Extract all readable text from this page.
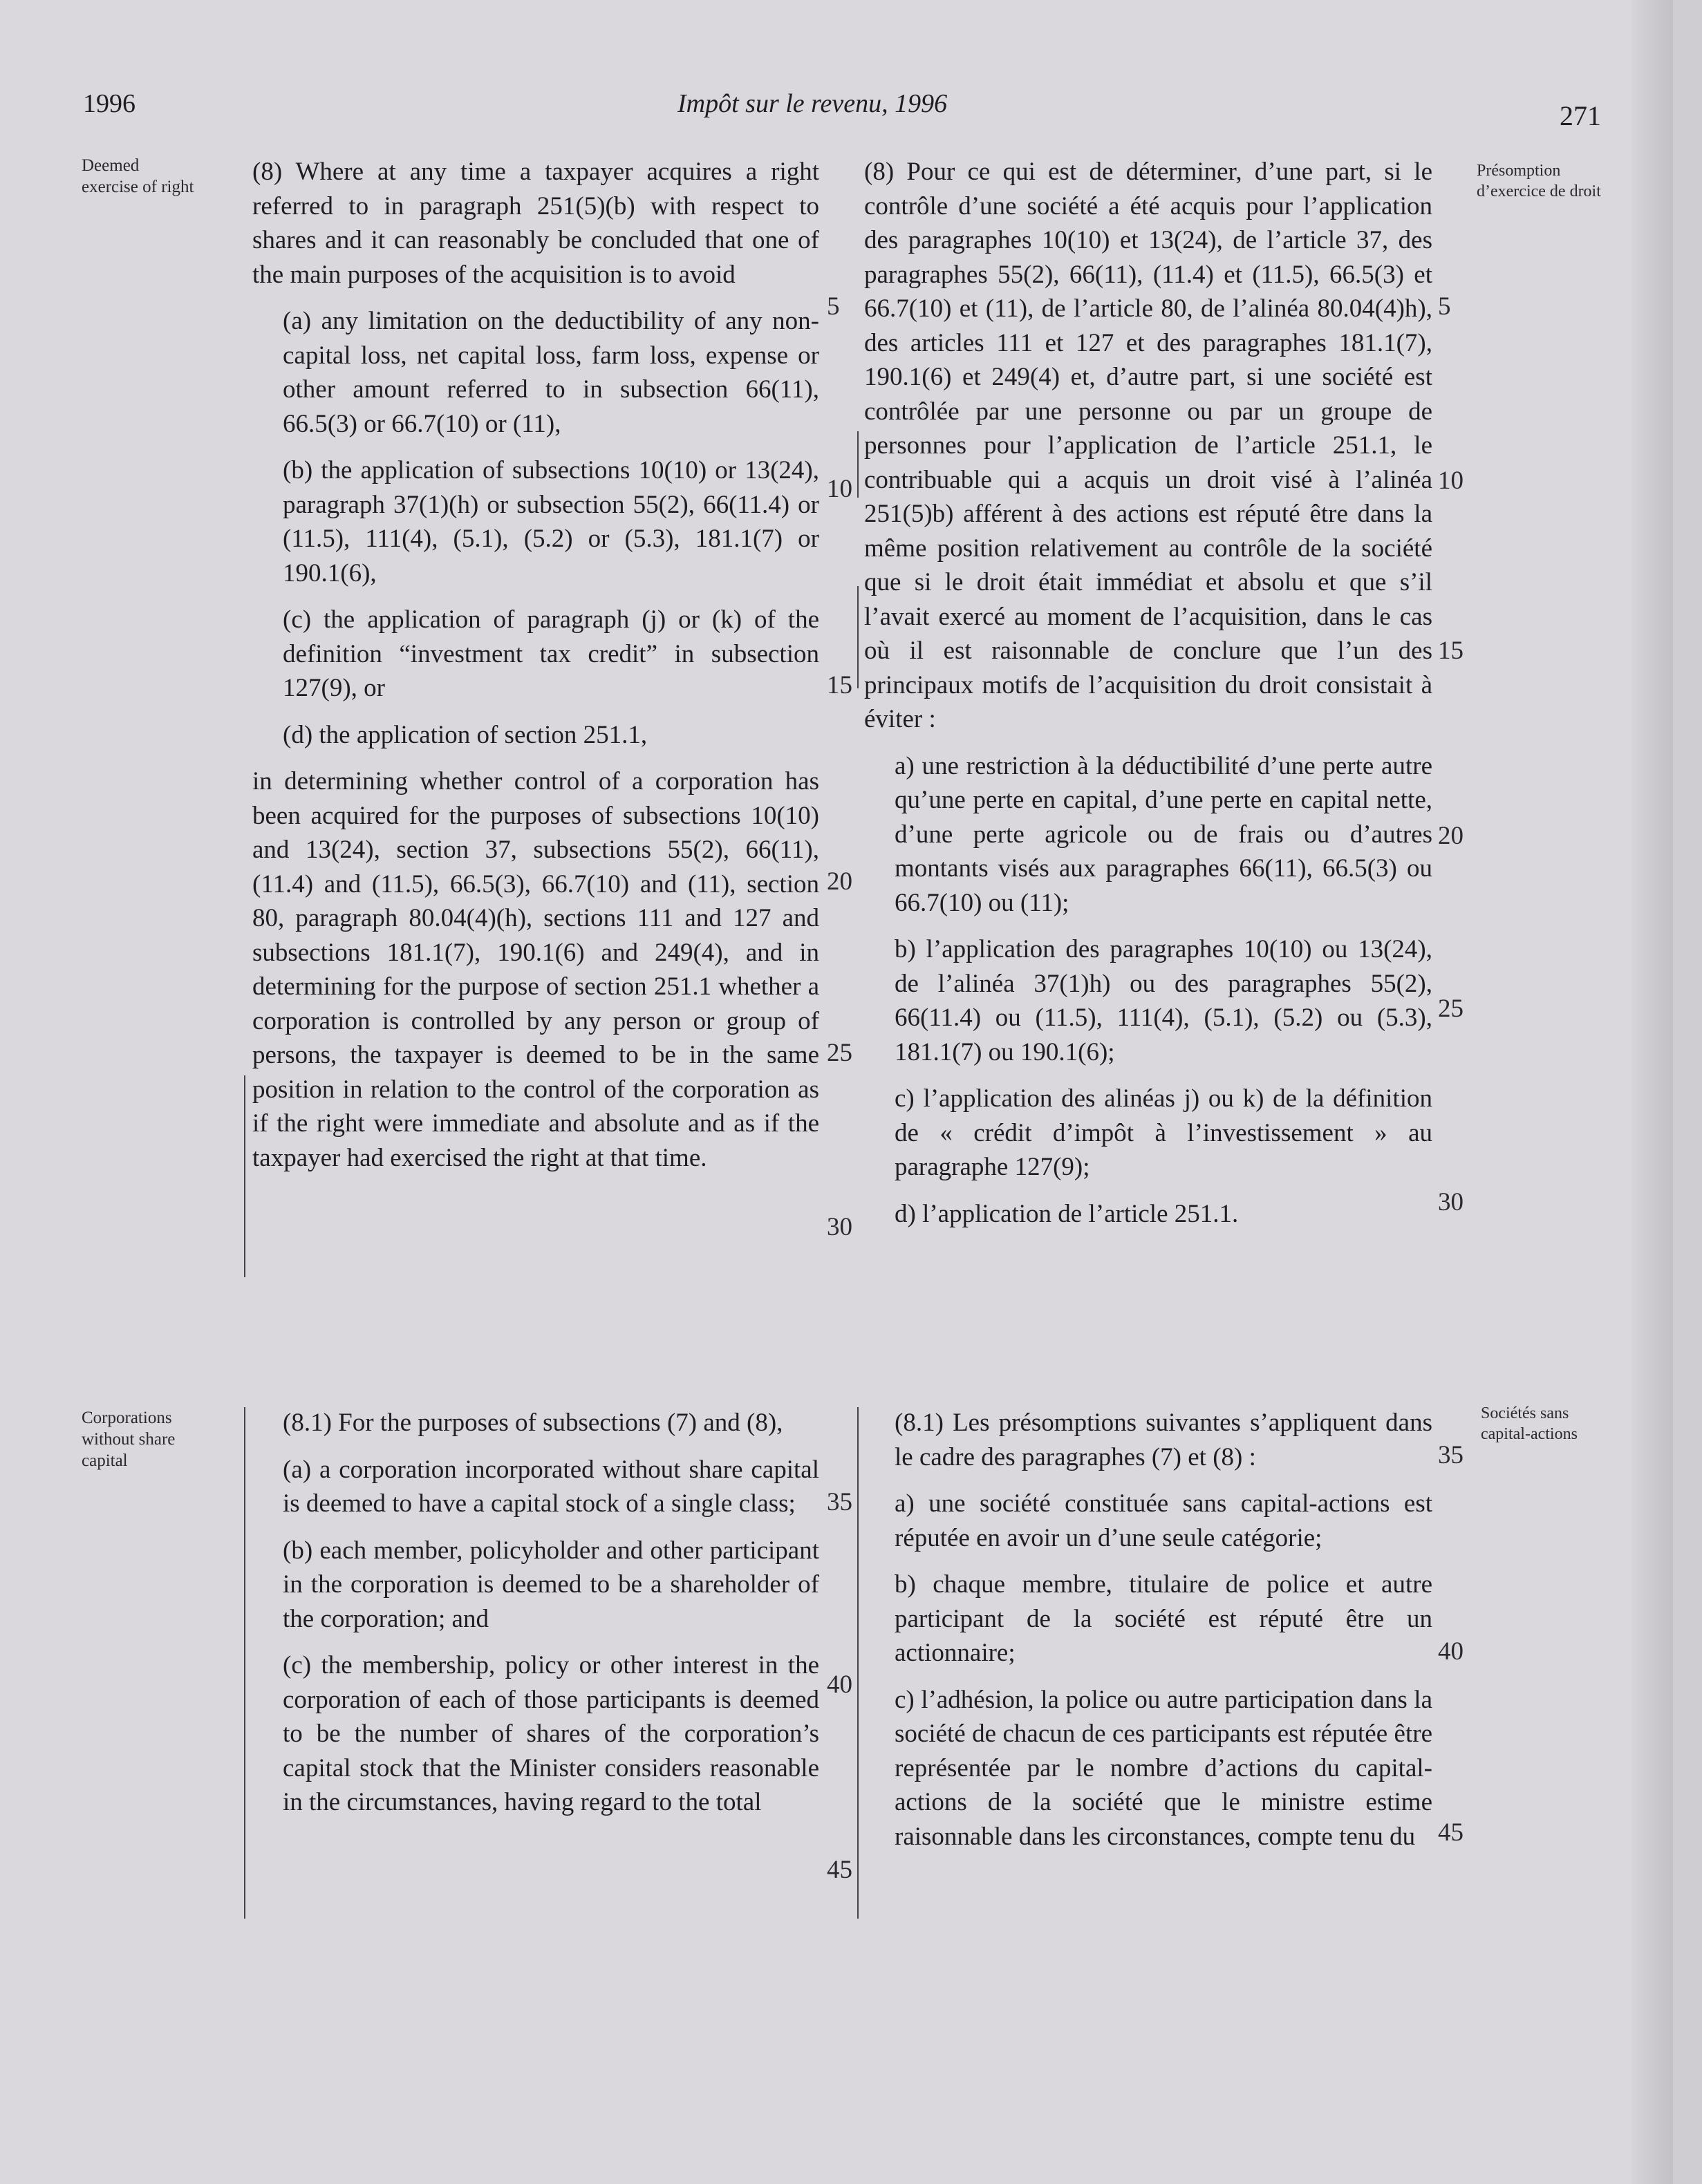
1996	Impôt sur le revenu, 1996	271
Deemed exercise of right
Présomption d’exercice de droit
Corporations without share capital
Sociétés sans capital-actions

(8) Where at any time a taxpayer acquires a right referred to in paragraph 251(5)(b) with respect to shares and it can reasonably be concluded that one of the main purposes of the acquisition is to avoid

(a) any limitation on the deductibility of any non-capital loss, net capital loss, farm loss, expense or other amount referred to in subsection 66(11), 66.5(3) or 66.7(10) or (11),

(b) the application of subsections 10(10) or 13(24), paragraph 37(1)(h) or subsection 55(2), 66(11.4) or (11.5), 111(4), (5.1), (5.2) or (5.3), 181.1(7) or 190.1(6),

(c) the application of paragraph (j) or (k) of the definition “investment tax credit” in subsection 127(9), or

(d) the application of section 251.1,

in determining whether control of a corporation has been acquired for the purposes of subsections 10(10) and 13(24), section 37, subsections 55(2), 66(11), (11.4) and (11.5), 66.5(3), 66.7(10) and (11), section 80, paragraph 80.04(4)(h), sections 111 and 127 and subsections 181.1(7), 190.1(6) and 249(4), and in determining for the purpose of section 251.1 whether a corporation is controlled by any person or group of persons, the taxpayer is deemed to be in the same position in relation to the control of the corporation as if the right were immediate and absolute and as if the taxpayer had exercised the right at that time.

(8) Pour ce qui est de déterminer, d’une part, si le contrôle d’une société a été acquis pour l’application des paragraphes 10(10) et 13(24), de l’article 37, des paragraphes 55(2), 66(11), (11.4) et (11.5), 66.5(3) et 66.7(10) et (11), de l’article 80, de l’alinéa 80.04(4)h), des articles 111 et 127 et des paragraphes 181.1(7), 190.1(6) et 249(4) et, d’autre part, si une société est contrôlée par une personne ou par un groupe de personnes pour l’application de l’article 251.1, le contribuable qui a acquis un droit visé à l’alinéa 251(5)b) afférent à des actions est réputé être dans la même position relativement au contrôle de la société que si le droit était immédiat et absolu et que s’il l’avait exercé au moment de l’acquisition, dans le cas où il est raisonnable de conclure que l’un des principaux motifs de l’acquisition du droit consistait à éviter :

a) une restriction à la déductibilité d’une perte autre qu’une perte en capital, d’une perte en capital nette, d’une perte agricole ou de frais ou d’autres montants visés aux paragraphes 66(11), 66.5(3) ou 66.7(10) ou (11);

b) l’application des paragraphes 10(10) ou 13(24), de l’alinéa 37(1)h) ou des paragraphes 55(2), 66(11.4) ou (11.5), 111(4), (5.1), (5.2) ou (5.3), 181.1(7) ou 190.1(6);

c) l’application des alinéas j) ou k) de la définition de « crédit d’impôt à l’investissement » au paragraphe 127(9);

d) l’application de l’article 251.1.

(8.1) For the purposes of subsections (7) and (8),

(a) a corporation incorporated without share capital is deemed to have a capital stock of a single class;

(b) each member, policyholder and other participant in the corporation is deemed to be a shareholder of the corporation; and

(c) the membership, policy or other interest in the corporation of each of those participants is deemed to be the number of shares of the corporation’s capital stock that the Minister considers reasonable in the circumstances, having regard to the total

(8.1) Les présomptions suivantes s’appliquent dans le cadre des paragraphes (7) et (8) :

a) une société constituée sans capital-actions est réputée en avoir un d’une seule catégorie;

b) chaque membre, titulaire de police et autre participant de la société est réputé être un actionnaire;

c) l’adhésion, la police ou autre participation dans la société de chacun de ces participants est réputée être représentée par le nombre d’actions du capital-actions de la société que le ministre estime raisonnable dans les circonstances, compte tenu du

5
10
15
20
25
30
35
40
45
5
10
15
20
25
30
35
40
45
